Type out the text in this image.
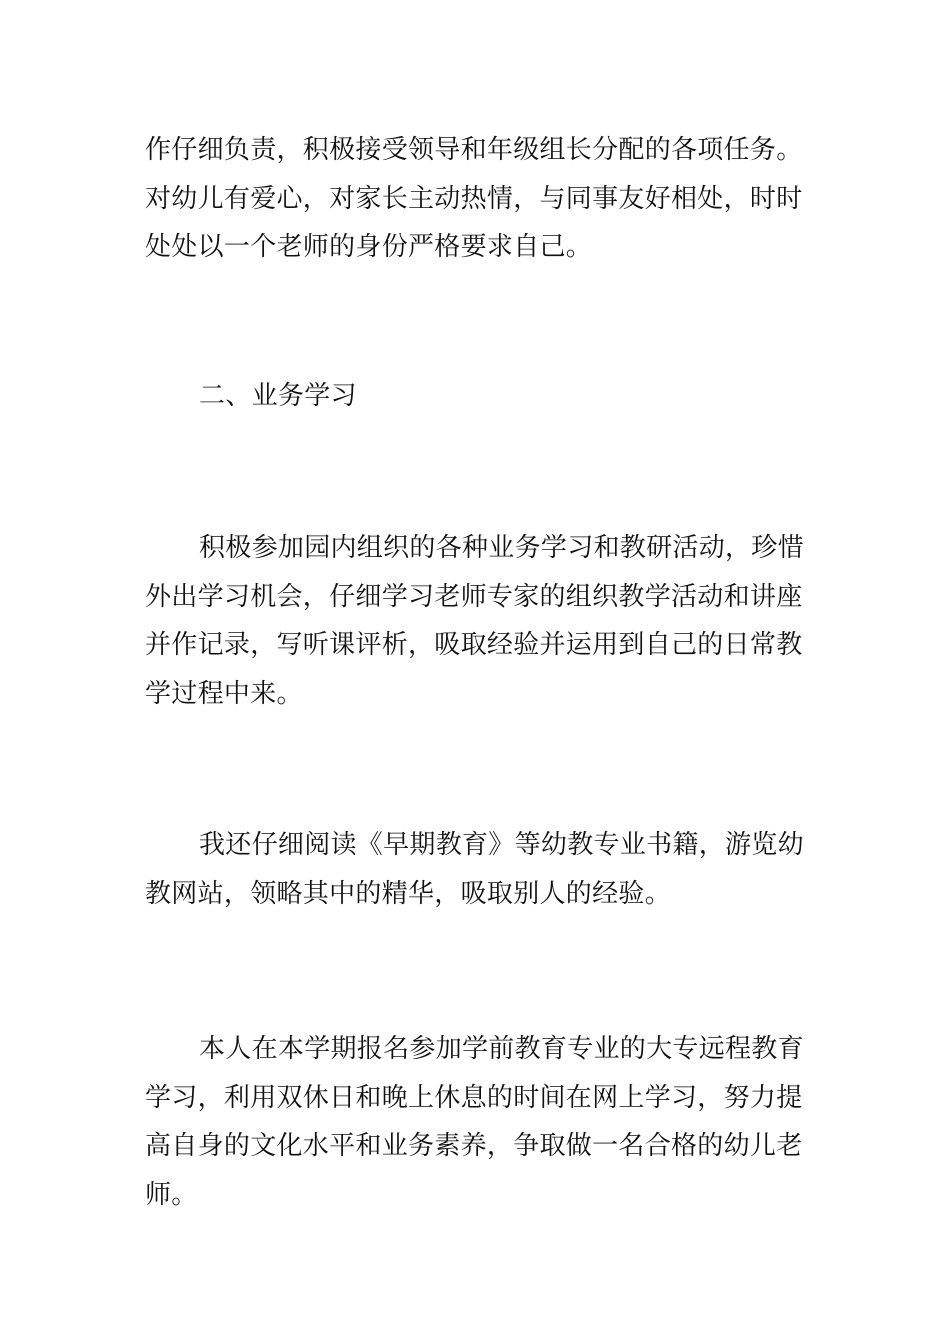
作仔细负责，积极接受领导和年级组长分配的各项任务。
对幼儿有爱心，对家长主动热情，与同事友好相处，时时
处处以一个老师的身份严格要求自己。
二、业务学习
积极参加园内组织的各种业务学习和教研活动，珍惜
外出学习机会，仔细学习老师专家的组织教学活动和讲座
并作记录，写听课评析，吸取经验并运用到自己的日常教
学过程中来。
我还仔细阅读《早期教育》等幼教专业书籍，游览幼
教网站，领略其中的精华，吸取别人的经验。
本人在本学期报名参加学前教育专业的大专远程教育
学习，利用双休日和晚上休息的时间在网上学习，努力提
高自身的文化水平和业务素养，争取做一名合格的幼儿老
师。
